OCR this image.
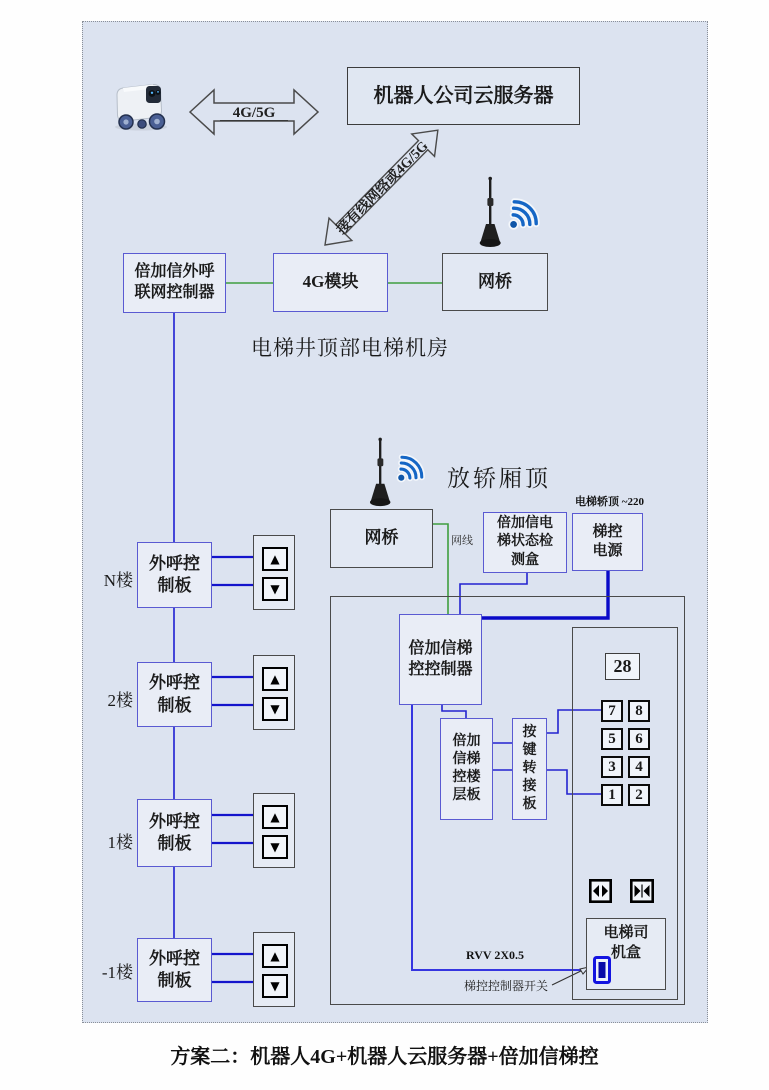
4G/5G
机器人公司云服务器
接有线网络或4G/5G
倍加信外呼
联网控制器
4G模块	网桥
电梯井顶部电梯机房
放轿厢顶
电梯轿顶 ~220
网桥	网线
倍加信电
梯状态检
测盒
梯控
电源
倍加信梯
控控制器
倍加
信梯
控楼
层板
按
键
转
接
板
28
7	8
5	6
3	4
1	2
电梯司
机盒
RVV 2X0.5
梯控控制器开关
N楼
外呼控
制板
▲
▼
2楼
外呼控
制板
▲
▼
1楼
外呼控
制板
▲
▼
-1楼
外呼控
制板
▲
▼
方案二：机器人4G+机器人云服务器+倍加信梯控
